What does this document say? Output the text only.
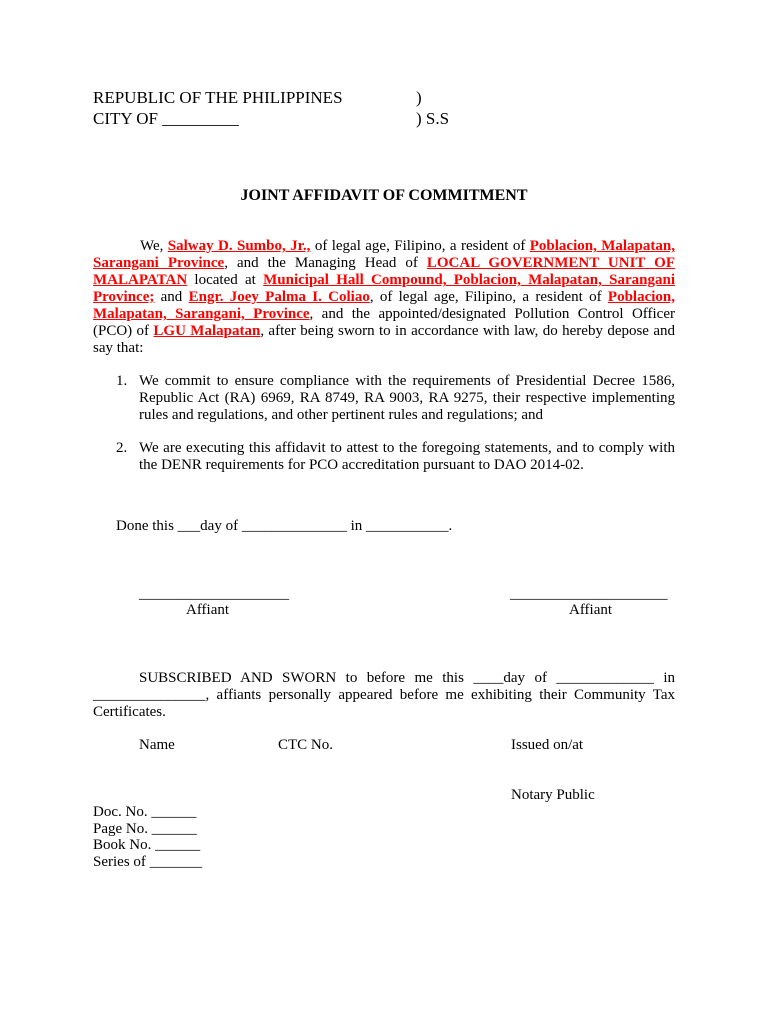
REPUBLIC OF THE PHILIPPINES	)
CITY OF _________	) S.S
JOINT AFFIDAVIT OF COMMITMENT

We, Salway D. Sumbo, Jr., of legal age, Filipino, a resident of Poblacion, Malapatan, Sarangani Province, and the Managing Head of LOCAL GOVERNMENT UNIT OF MALAPATAN located at Municipal Hall Compound, Poblacion, Malapatan, Sarangani Province; and Engr. Joey Palma I. Coliao, of legal age, Filipino, a resident of Poblacion, Malapatan, Sarangani, Province, and the appointed/designated Pollution Control Officer (PCO) of LGU Malapatan, after being sworn to in accordance with law, do hereby depose and say that:

1. We commit to ensure compliance with the requirements of Presidential Decree 1586, Republic Act (RA) 6969, RA 8749, RA 9003, RA 9275, their respective implementing rules and regulations, and other pertinent rules and regulations; and
2. We are executing this affidavit to attest to the foregoing statements, and to comply with the DENR requirements for PCO accreditation pursuant to DAO 2014-02.
Done this ___day of ______________ in ___________.
____________________
Affiant
_____________________
Affiant

SUBSCRIBED AND SWORN to before me this ____day of _____________ in _______________, affiants personally appeared before me exhibiting their Community Tax Certificates.

Name	CTC No.	Issued on/at
Notary Public
Doc. No. ______
Page No. ______
Book No. ______
Series of _______
